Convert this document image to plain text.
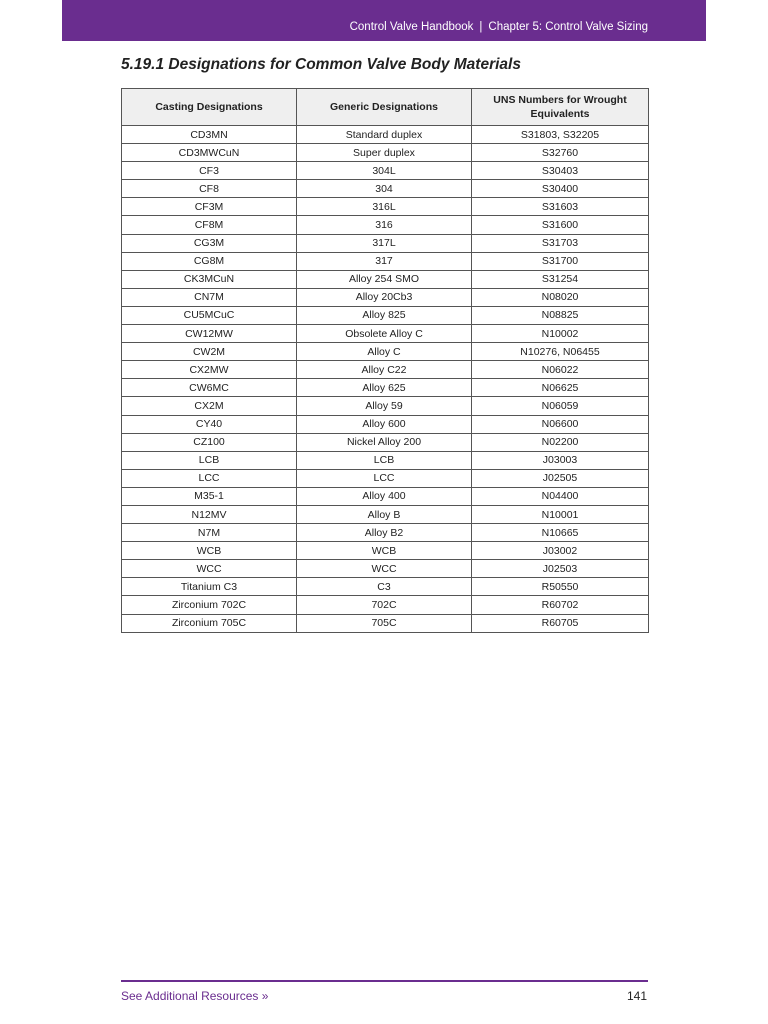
Control Valve Handbook | Chapter 5: Control Valve Sizing
5.19.1 Designations for Common Valve Body Materials
Casting Designations	Generic Designations	UNS Numbers for Wrought Equivalents
CD3MN	Standard duplex	S31803, S32205
CD3MWCuN	Super duplex	S32760
CF3	304L	S30403
CF8	304	S30400
CF3M	316L	S31603
CF8M	316	S31600
CG3M	317L	S31703
CG8M	317	S31700
CK3MCuN	Alloy 254 SMO	S31254
CN7M	Alloy 20Cb3	N08020
CU5MCuC	Alloy 825	N08825
CW12MW	Obsolete Alloy C	N10002
CW2M	Alloy C	N10276, N06455
CX2MW	Alloy C22	N06022
CW6MC	Alloy 625	N06625
CX2M	Alloy 59	N06059
CY40	Alloy 600	N06600
CZ100	Nickel Alloy 200	N02200
LCB	LCB	J03003
LCC	LCC	J02505
M35-1	Alloy 400	N04400
N12MV	Alloy B	N10001
N7M	Alloy B2	N10665
WCB	WCB	J03002
WCC	WCC	J02503
Titanium C3	C3	R50550
Zirconium 702C	702C	R60702
Zirconium 705C	705C	R60705
See Additional Resources »	141
